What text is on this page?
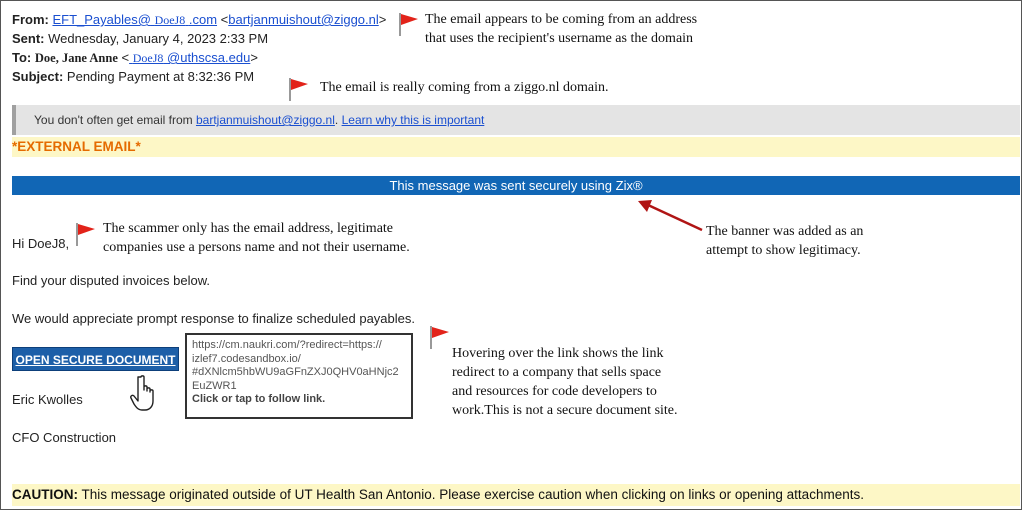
From: EFT_Payables@ DoeJ8 .com <bartjanmuishout@ziggo.nl>
Sent: Wednesday, January 4, 2023 2:33 PM
To: Doe, Jane Anne < DoeJ8 @uthscsa.edu>
Subject: Pending Payment at 8:32:36 PM
You don't often get email from bartjanmuishout@ziggo.nl. Learn why this is important
*EXTERNAL EMAIL*
This message was sent securely using Zix®
Hi DoeJ8,
Find your disputed invoices below.
We would appreciate prompt response to finalize scheduled payables.
OPEN SECURE DOCUMENT
Eric Kwolles
CFO Construction
https://cm.naukri.com/?redirect=https://
izlef7.codesandbox.io/
#dXNlcm5hbWU9aGFnZXJ0QHV0aHNjc2
EuZWR1
Click or tap to follow link.
CAUTION: This message originated outside of UT Health San Antonio. Please exercise caution when clicking on links or opening attachments.
The email appears to be coming from an address
that uses the recipient's username as the domain
The email is really coming from a ziggo.nl domain.
The scammer only has the email address, legitimate
companies use a persons name and not their username.
The banner was added as an
attempt to show legitimacy.
Hovering over the link shows the link
redirect to a company that sells space
and resources for code developers to
work.This is not a secure document site.
